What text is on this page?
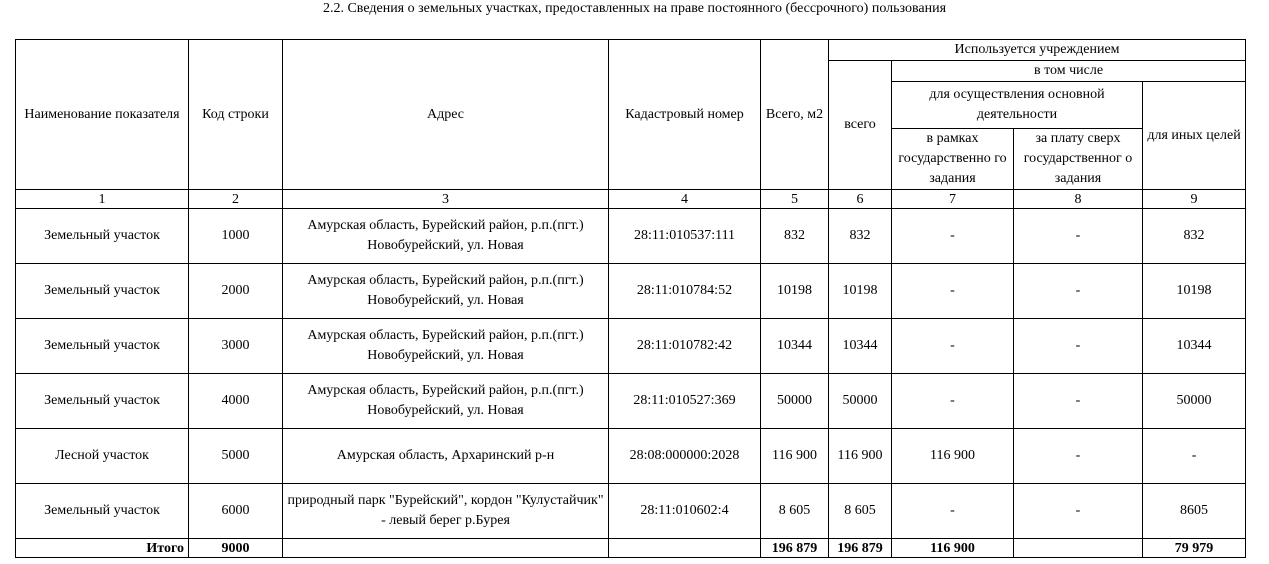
2.2. Сведения о земельных участках, предоставленных на праве постоянного (бессрочного) пользования
Наименование показателя	Код строки	Адрес	Кадастровый номер	Всего, м2	Используется учреждением			
					всего	в том числе		
						для осуществления основной деятельности		для иных целей
						в рамках государственно го задания	за плату сверх государственног о задания	
1	2	3	4	5	6	7	8	9
Земельный участок	1000	Амурская область, Бурейский район, р.п.(пгт.) Новобурейский, ул. Новая	28:11:010537:111	832	832	-	-	832
Земельный участок	2000	Амурская область, Бурейский район, р.п.(пгт.) Новобурейский, ул. Новая	28:11:010784:52	10198	10198	-	-	10198
Земельный участок	3000	Амурская область, Бурейский район, р.п.(пгт.) Новобурейский, ул. Новая	28:11:010782:42	10344	10344	-	-	10344
Земельный участок	4000	Амурская область, Бурейский район, р.п.(пгт.) Новобурейский, ул. Новая	28:11:010527:369	50000	50000	-	-	50000
Лесной участок	5000	Амурская область, Архаринский р-н	28:08:000000:2028	116 900	116 900	116 900	-	-
Земельный участок	6000	природный парк "Бурейский", кордон "Кулустайчик" - левый берег р.Бурея	28:11:010602:4	8 605	8 605	-	-	8605
Итого	9000			196 879	196 879	116 900		79 979
